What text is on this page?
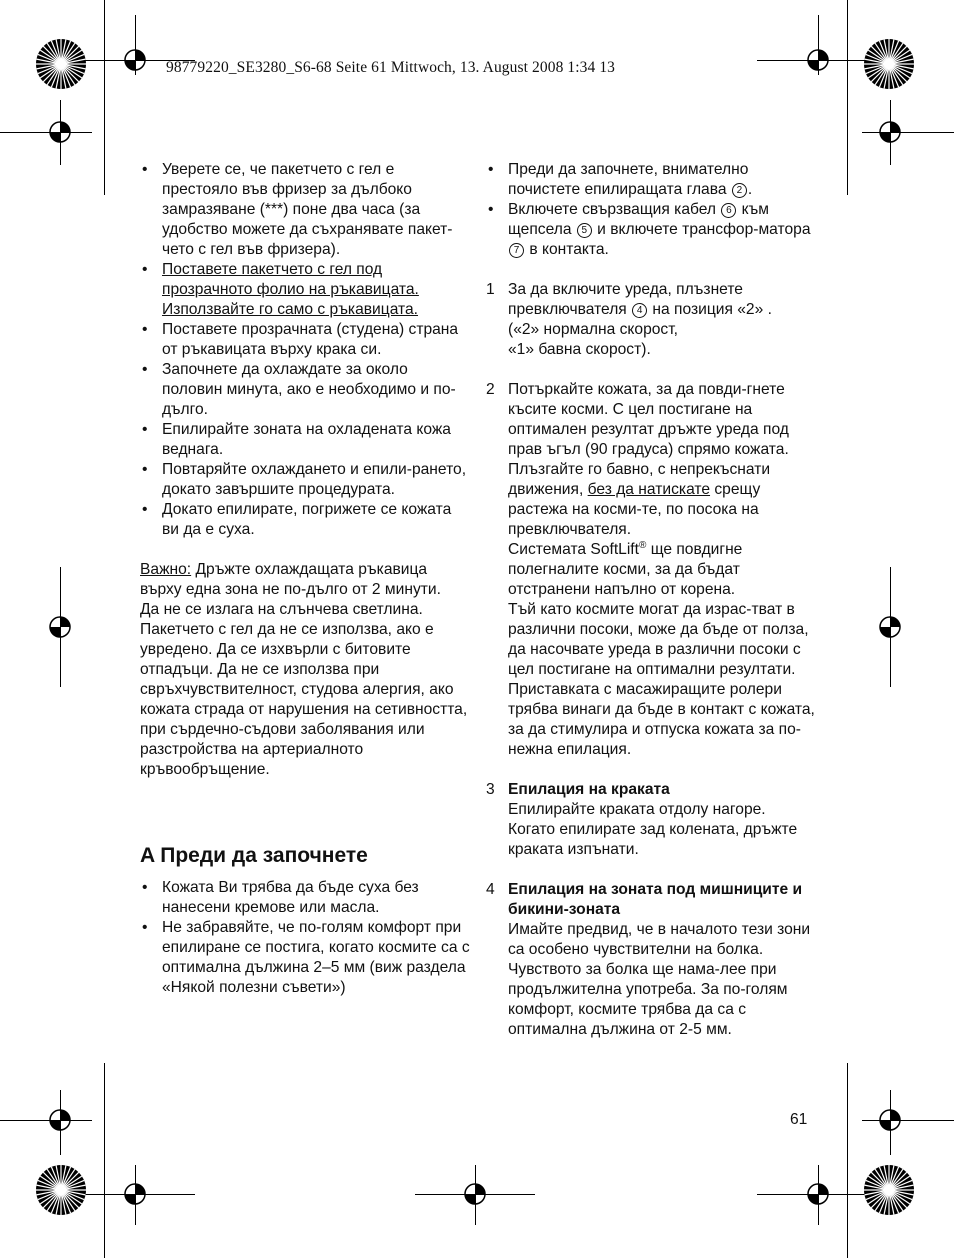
98779220_SE3280_S6-68 Seite 61 Mittwoch, 13. August 2008 1:34 13
• Уверете се, че пакетчето с гел е престояло във фризер за дълбоко замразяване (***) поне два часа (за удобство можете да съхранявате пакет-чето с гел във фризера).
• Поставете пакетчето с гел под прозрачното фолио на ръкавицата. Използвайте го само с ръкавицата.
• Поставете прозрачната (студена) страна от ръкавицата върху крака си.
• Започнете да охлаждате за около половин минута, ако е необходимо и по-дълго.
• Епилирайте зоната на охладената кожа веднага.
• Повтаряйте охлаждането и епили-рането, докато завършите процедурата.
• Докато епилирате, погрижете се кожата ви да е суха.

Важно: Дръжте охлаждащата ръкавица върху една зона не по-дълго от 2 минути.

Да не се излага на слънчева светлина. Пакетчето с гел да не се използва, ако е увредено. Да се изхвърли с битовите отпадъци. Да не се използва при свръхчувствителност, студова алергия, ако кожата страда от нарушения на сетивността, при сърдечно-съдови заболявания или разстройства на артериалното кръвообръщение.

A Преди да започнете
• Кожата Ви трябва да бъде суха без нанесени кремове или масла.
• Не забравяйте, че по-голям комфорт при епилиране се постига, когато космите са с оптимална дължина 2–5 мм (виж раздела «Някой полезни съвети»)
• Преди да започнете, внимателно почистете епилиращата глава 2 .
• Включете свързващия кабел 6 към щепсела 5 и включете трансфор-матора 7 в контакта.
1 За да включите уреда, плъзнете превключвателя 4 на позиция «2» .
(«2» нормална скорост,
«1» бавна скорост).
2 Потъркайте кожата, за да повди-гнете късите косми. С цел постигане на оптимален резултат дръжте уреда под прав ъгъл (90 градуса) спрямо кожата. Плъзгайте го бавно, с непрекъснати движения, без да натискате срещу растежа на косми-те, по посока на превключвателя.
Системата SoftLift® ще повдигне полегналите косми, за да бъдат отстранени напълно от корена.
Тъй като космите могат да израс-тват в различни посоки, може да бъде от полза, да насочвате уреда в различни посоки с цел постигане на оптимални резултати.
Приставката с масажиращите ролери трябва винаги да бъде в контакт с кожата, за да стимулира и отпуска кожата за по-нежна епилация.
3 Епилация на краката
Епилирайте краката отдолу нагоре. Когато епилирате зад колената, дръжте краката изпънати.
4 Епилация на зоната под мишниците и бикини-зоната
Имайте предвид, че в началото тези зони са особено чувствителни на болка. Чувството за болка ще нама-лее при продължителна употреба. За по-голям комфорт, космите трябва да са с оптимална дължина от 2-5 мм.
61
